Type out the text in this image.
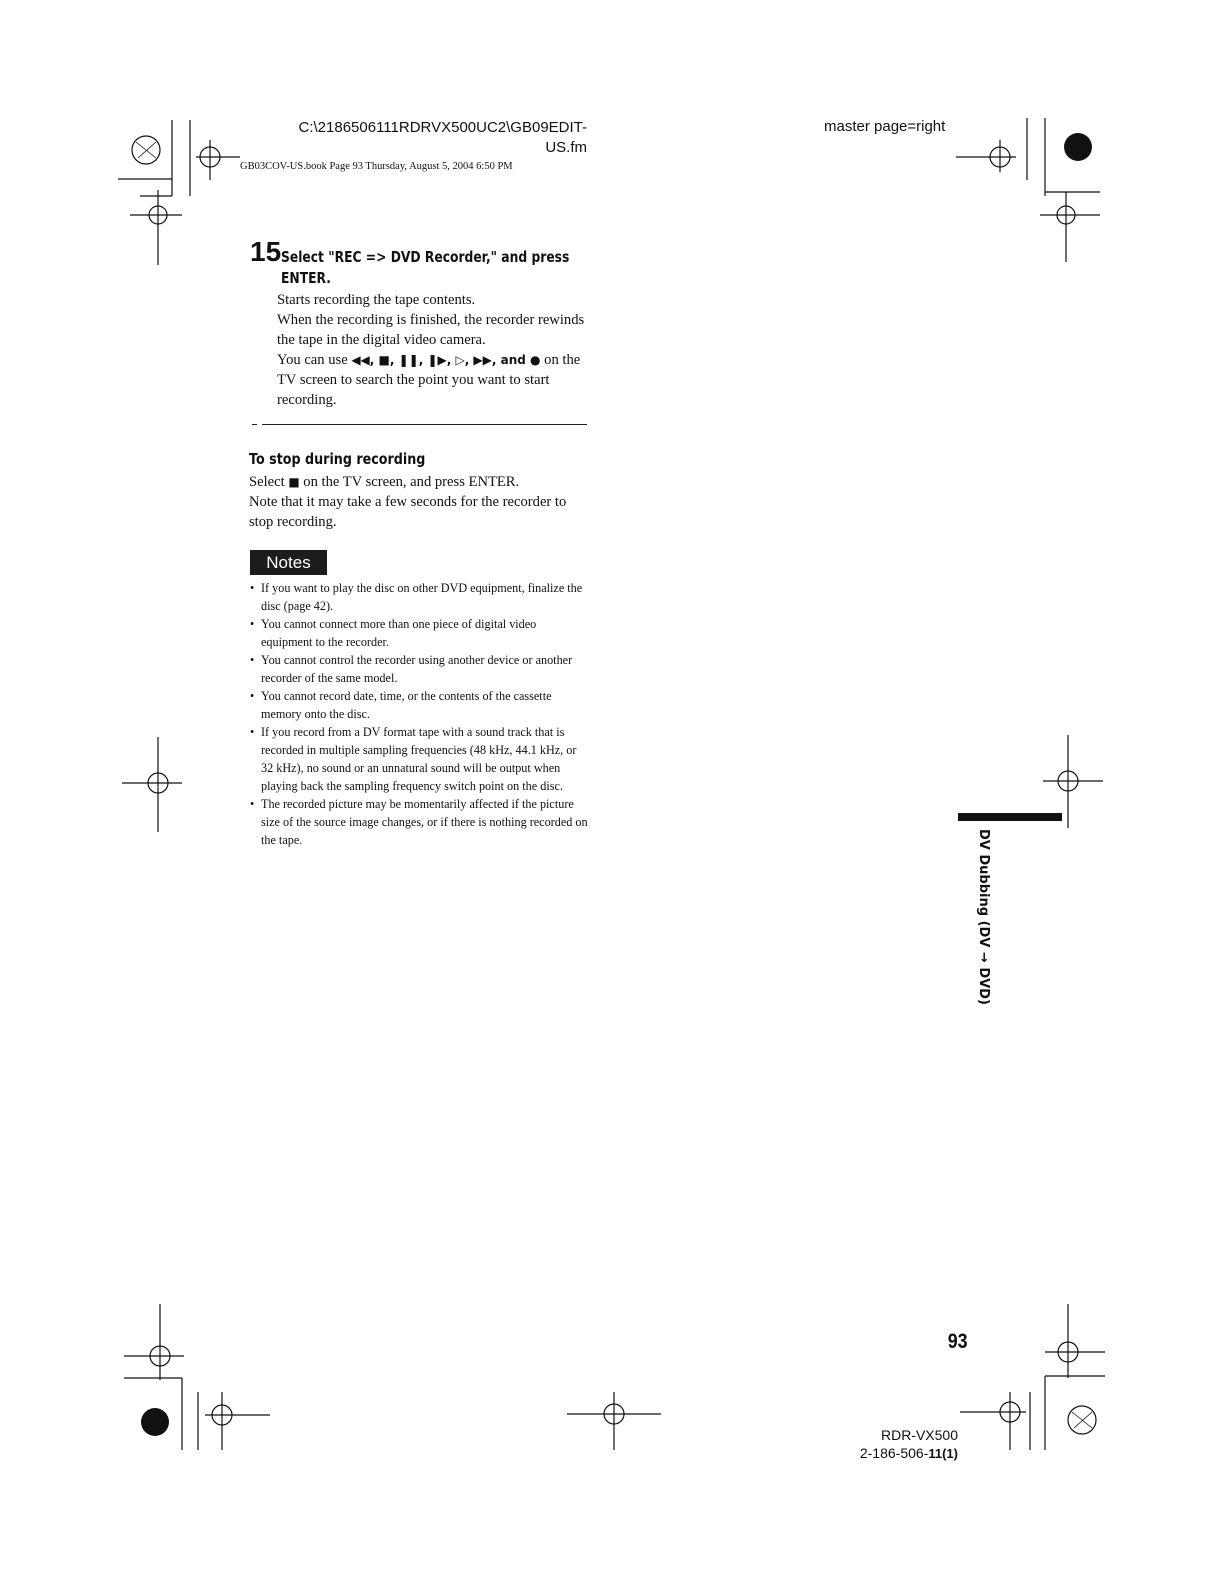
C:\2186506111RDRVX500UC2\GB09EDIT-
US.fm
GB03COV-US.book Page 93 Thursday, August 5, 2004 6:50 PM
master page=right
15 Select "REC => DVD Recorder," and press
ENTER.

Starts recording the tape contents.

When the recording is finished, the recorder rewinds the tape in the digital video camera.

You can use ◀◀, ■, ❚❚, ❚▶, ▷, ▶▶, and ● on the TV screen to search the point you want to start recording.

To stop during recording

Select ■ on the TV screen, and press ENTER.

Note that it may take a few seconds for the recorder to stop recording.

Notes
• If you want to play the disc on other DVD equipment, finalize the disc (page 42).
• You cannot connect more than one piece of digital video equipment to the recorder.
• You cannot control the recorder using another device or another recorder of the same model.
• You cannot record date, time, or the contents of the cassette memory onto the disc.
• If you record from a DV format tape with a sound track that is recorded in multiple sampling frequencies (48 kHz, 44.1 kHz, or 32 kHz), no sound or an unnatural sound will be output when playing back the sampling frequency switch point on the disc.
• The recorded picture may be momentarily affected if the picture size of the source image changes, or if there is nothing recorded on the tape.	DV Dubbing (DV → DVD)
93
RDR-VX500
2-186-506-11(1)
